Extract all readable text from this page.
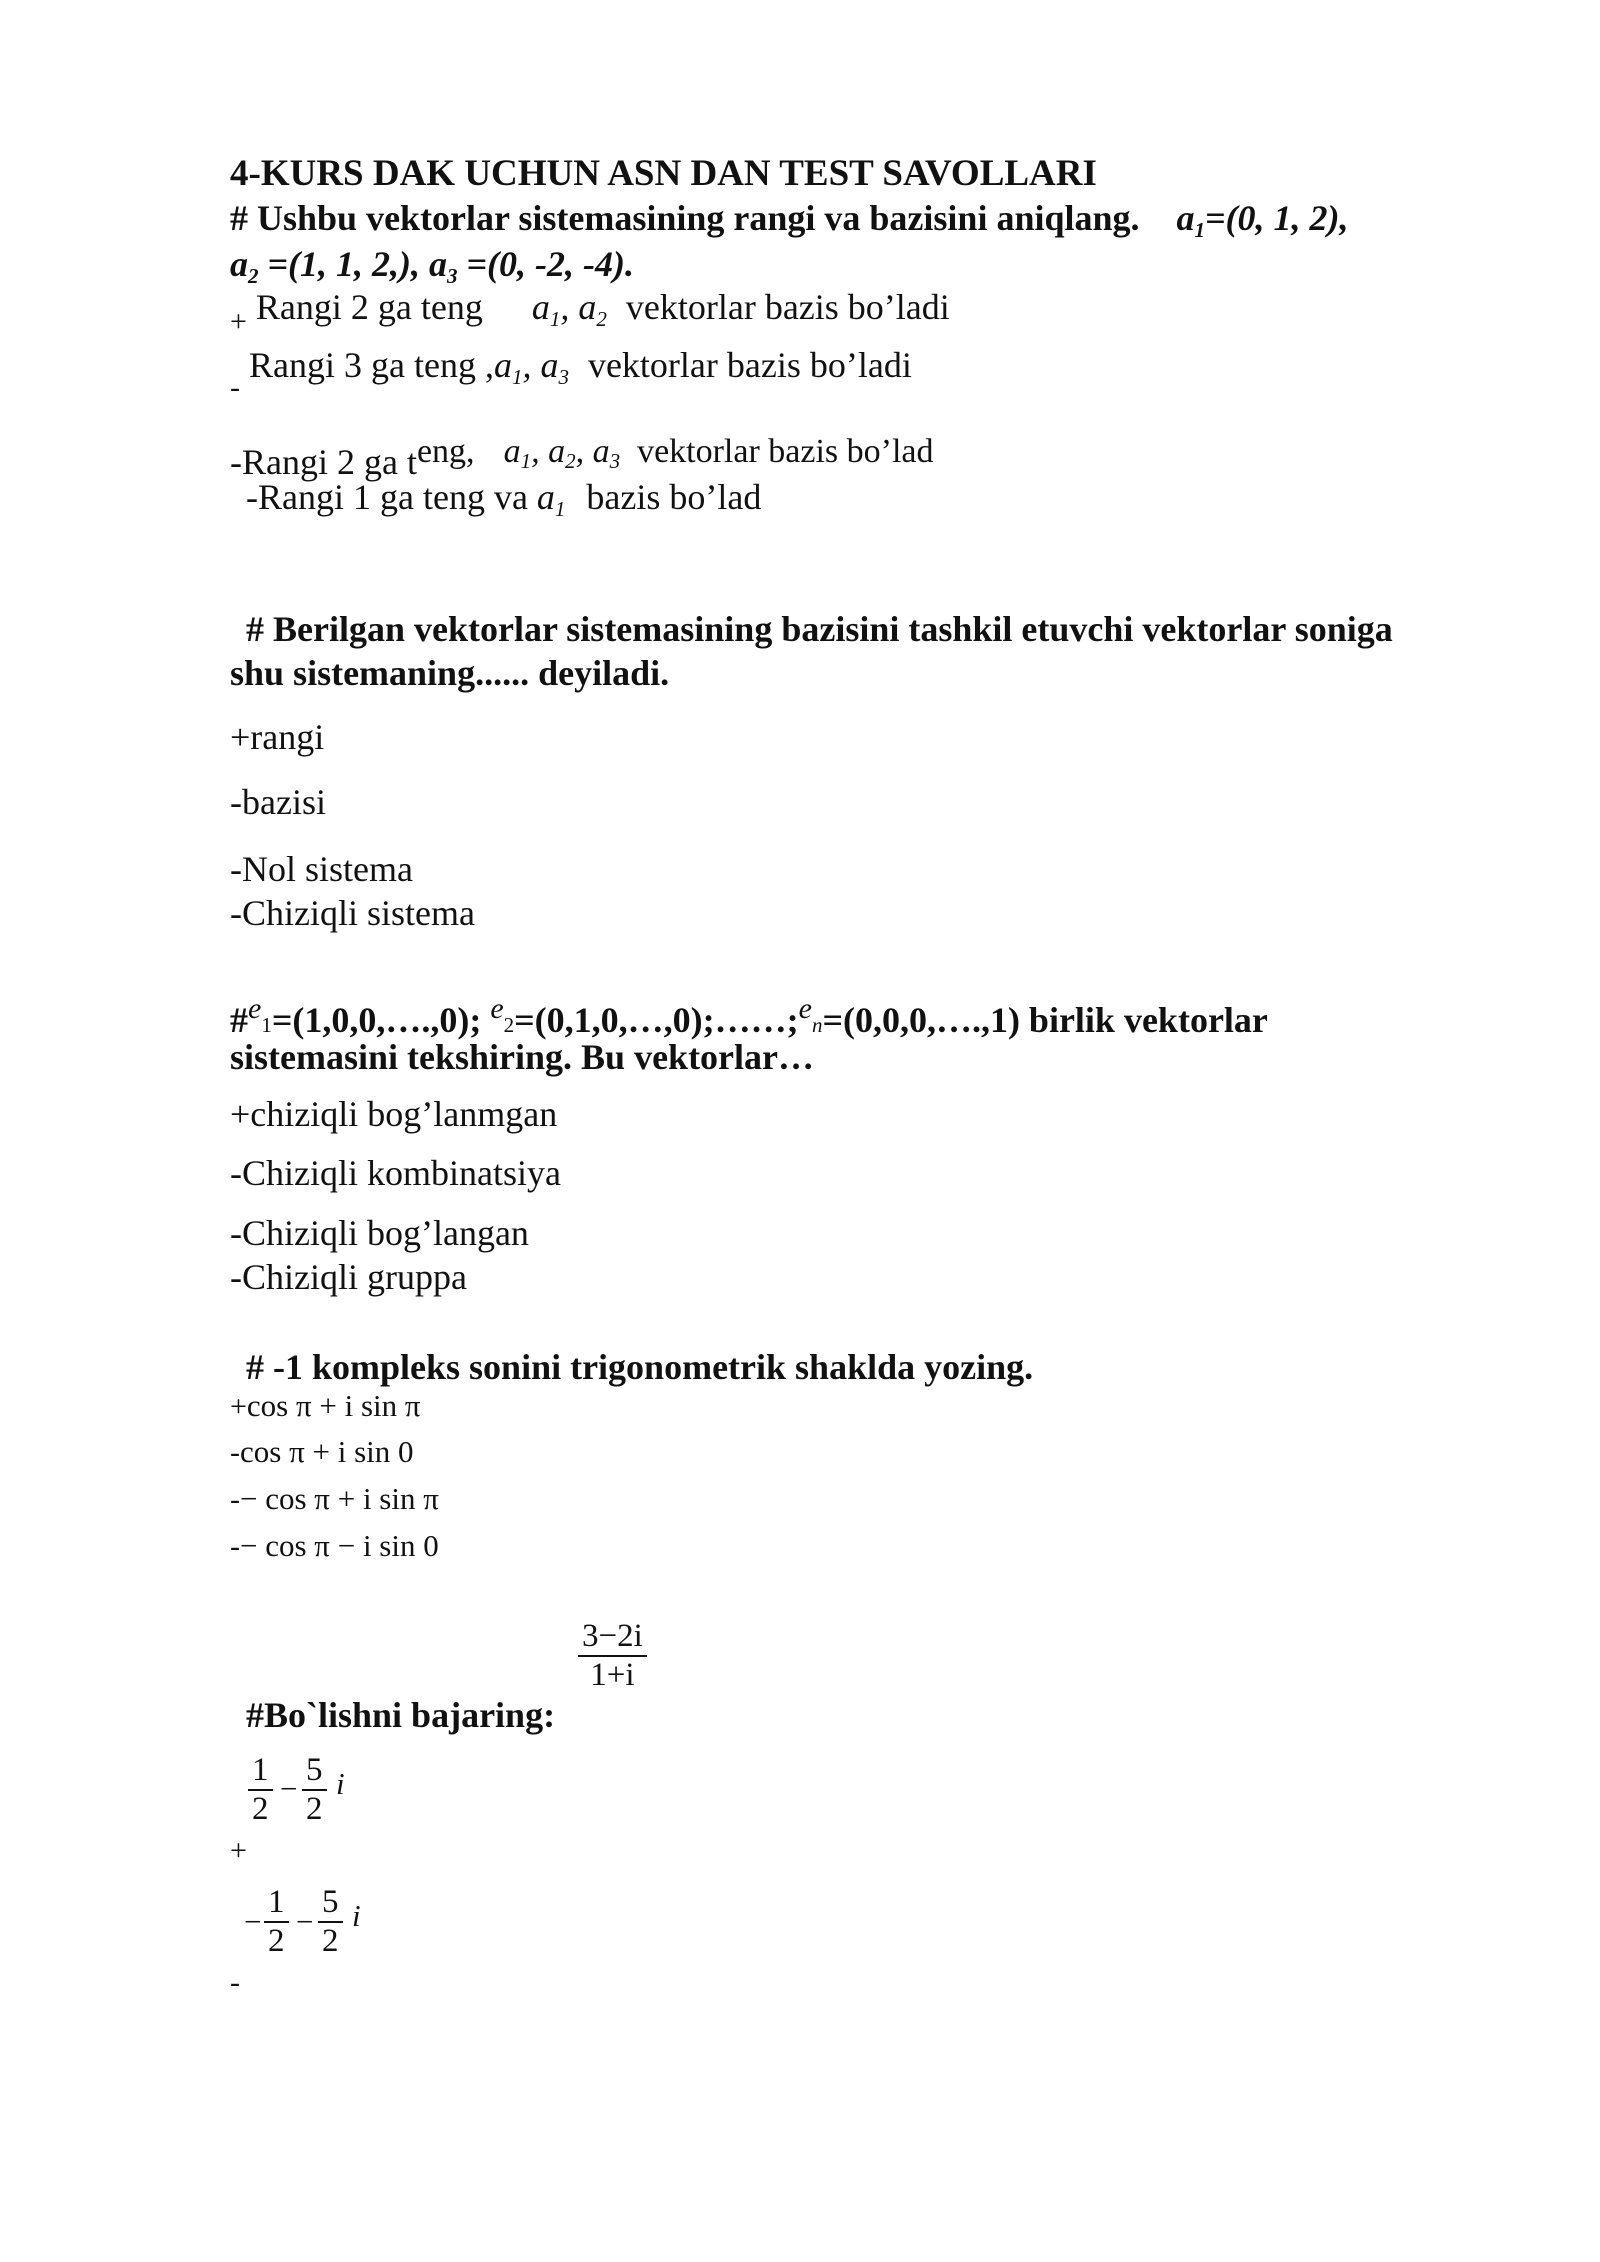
4-KURS DAK UCHUN ASN DAN TEST SAVOLLARI
# Ushbu vektorlar sistemasining rangi va bazisini aniqlang. a1=(0, 1, 2),
a2 =(1, 1, 2,), a3 =(0, -2, -4).
$_+$ Rangi 2 ga teng a1, a2 vektorlar bazis bo’ladi
$_-$ Rangi 3 ga teng ,a1, a3 vektorlar bazis bo’ladi
-Rangi 2 ga teng, a1, a2, a3 vektorlar bazis bo’lad
-Rangi 1 ga teng va a1 bazis bo’lad
# Berilgan vektorlar sistemasining bazisini tashkil etuvchi vektorlar soniga
shu sistemaning...... deyiladi.
+rangi
-bazisi
-Nol sistema
-Chiziqli sistema
#$^e$1=(1,0,0,….,0); $^e$2=(0,1,0,…,0);……;$^e$n=(0,0,0,….,1) birlik vektorlar
sistemasini tekshiring. Bu vektorlar…
+chiziqli bog’lanmgan
-Chiziqli kombinatsiya
-Chiziqli bog’langan
-Chiziqli gruppa
# -1 kompleks sonini trigonometrik shaklda yozing.
+cos π + i sin π
-cos π + i sin 0
-− cos π + i sin π
-− cos π − i sin 0
$\frac{3-2i}{1+i}$
#Bo`lishni bajaring:
$\frac{1}{2} - \frac{5}{2}$ i
+
− $\frac{1}{2} - \frac{5}{2}$ i
-
